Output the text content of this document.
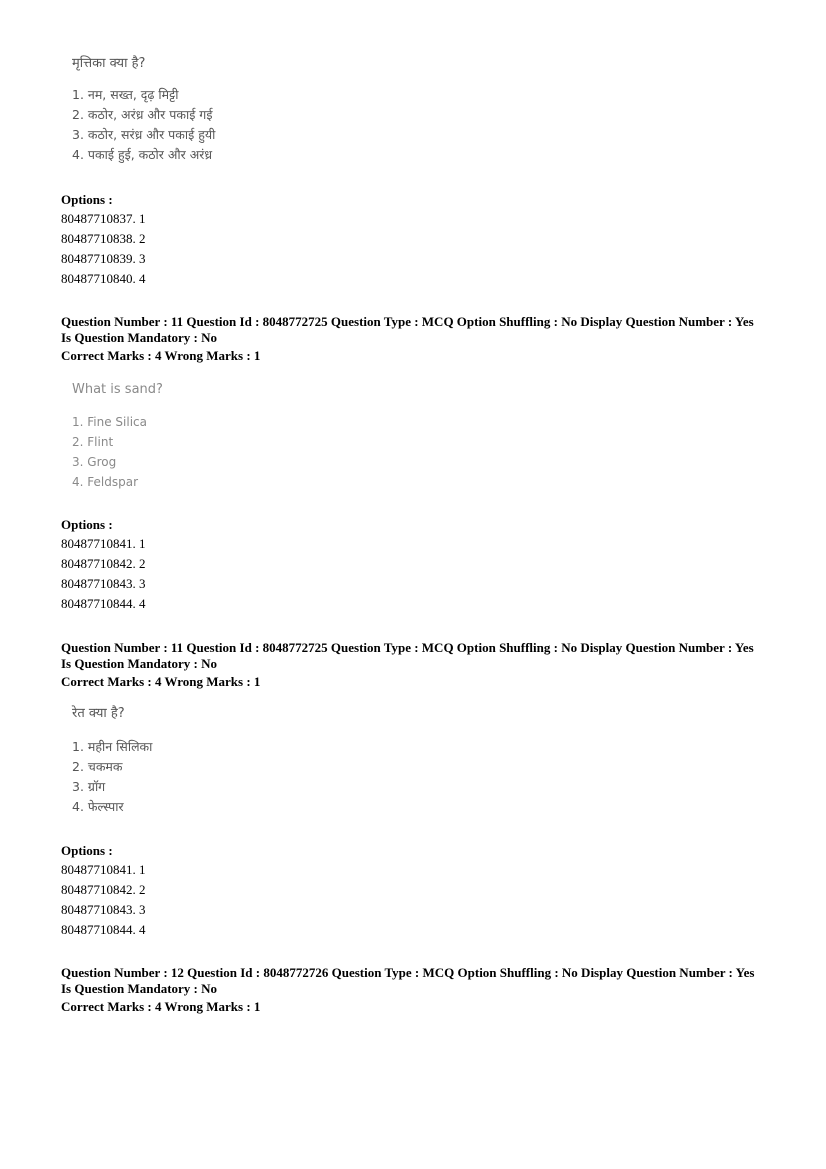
मृत्तिका क्या है?
1. नम, सख्त, दृढ़ मिट्टी
2. कठोर, अरंध्र और पकाई गई
3. कठोर, सरंध्र और पकाई हुयी
4. पकाई हुई, कठोर और अरंध्र
Options :
80487710837. 1
80487710838. 2
80487710839. 3
80487710840. 4
Question Number : 11 Question Id : 8048772725 Question Type : MCQ Option Shuffling : No Display Question Number : Yes
Is Question Mandatory : No
Correct Marks : 4 Wrong Marks : 1
What is sand?
1. Fine Silica
2. Flint
3. Grog
4. Feldspar
Options :
80487710841. 1
80487710842. 2
80487710843. 3
80487710844. 4
Question Number : 11 Question Id : 8048772725 Question Type : MCQ Option Shuffling : No Display Question Number : Yes
Is Question Mandatory : No
Correct Marks : 4 Wrong Marks : 1
रेत क्या है?
1. महीन सिलिका
2. चकमक
3. ग्रॉग
4. फेल्स्पार
Options :
80487710841. 1
80487710842. 2
80487710843. 3
80487710844. 4
Question Number : 12 Question Id : 8048772726 Question Type : MCQ Option Shuffling : No Display Question Number : Yes
Is Question Mandatory : No
Correct Marks : 4 Wrong Marks : 1
